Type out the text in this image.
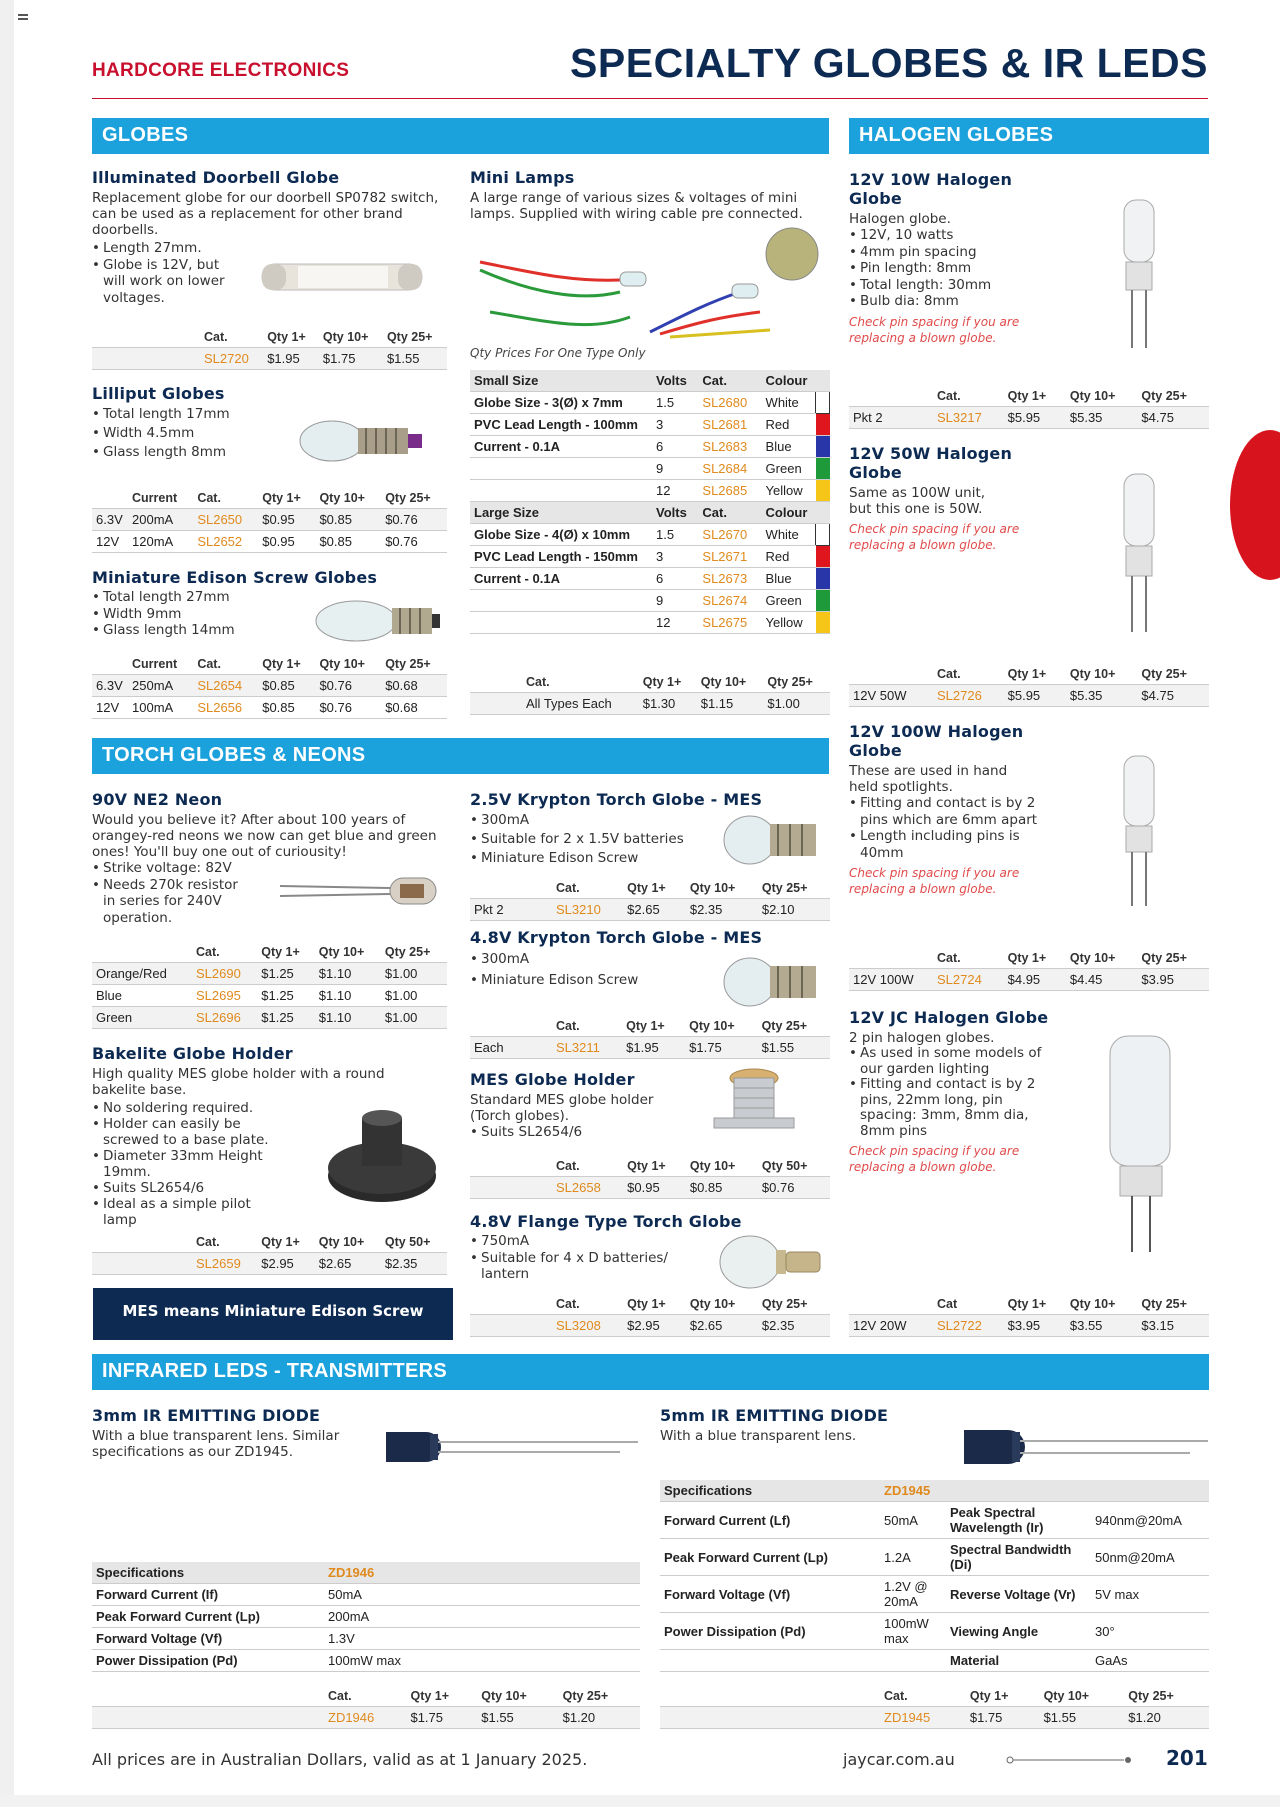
HARDCORE ELECTRONICS	SPECIALTY GLOBES & IR LEDS
GLOBES	HALOGEN GLOBES
Illuminated Doorbell Globe
Replacement globe for our doorbell SP0782 switch, can be used as a replacement for other brand doorbells.
• Length 27mm.
• Globe is 12V, but will work on lower voltages.
	Cat.	Qty 1+	Qty 10+	Qty 25+
	SL2720	$1.95	$1.75	$1.55
Lilliput Globes
• Total length 17mm
• Width 4.5mm
• Glass length 8mm
	Current	Cat.	Qty 1+	Qty 10+	Qty 25+
6.3V	200mA	SL2650	$0.95	$0.85	$0.76
12V	120mA	SL2652	$0.95	$0.85	$0.76
Miniature Edison Screw Globes
• Total length 27mm
• Width 9mm
• Glass length 14mm
	Current	Cat.	Qty 1+	Qty 10+	Qty 25+
6.3V	250mA	SL2654	$0.85	$0.76	$0.68
12V	100mA	SL2656	$0.85	$0.76	$0.68
Mini Lamps
A large range of various sizes & voltages of mini lamps. Supplied with wiring cable pre connected.
Qty Prices For One Type Only
Small Size	Volts	Cat.	Colour	
Globe Size - 3(Ø) x 7mm	1.5	SL2680	White	
PVC Lead Length - 100mm	3	SL2681	Red	
Current - 0.1A	6	SL2683	Blue	
	9	SL2684	Green	
	12	SL2685	Yellow	
Large Size	Volts	Cat.	Colour	
Globe Size - 4(Ø) x 10mm	1.5	SL2670	White	
PVC Lead Length - 150mm	3	SL2671	Red	
Current - 0.1A	6	SL2673	Blue	
	9	SL2674	Green	
	12	SL2675	Yellow	
	Cat.	Qty 1+	Qty 10+	Qty 25+
	All Types Each	$1.30	$1.15	$1.00
12V 10W Halogen Globe
Halogen globe.
• 12V, 10 watts
• 4mm pin spacing
• Pin length: 8mm
• Total length: 30mm
• Bulb dia: 8mm
Check pin spacing if you are replacing a blown globe.
	Cat.	Qty 1+	Qty 10+	Qty 25+
Pkt 2	SL3217	$5.95	$5.35	$4.75
12V 50W Halogen Globe
Same as 100W unit, but this one is 50W.
Check pin spacing if you are replacing a blown globe.
	Cat.	Qty 1+	Qty 10+	Qty 25+
12V 50W	SL2726	$5.95	$5.35	$4.75
12V 100W Halogen Globe
These are used in hand held spotlights.
• Fitting and contact is by 2 pins which are 6mm apart
• Length including pins is 40mm
Check pin spacing if you are replacing a blown globe.
	Cat.	Qty 1+	Qty 10+	Qty 25+
12V 100W	SL2724	$4.95	$4.45	$3.95
12V JC Halogen Globe
2 pin halogen globes.
• As used in some models of our garden lighting
• Fitting and contact is by 2 pins, 22mm long, pin spacing: 3mm, 8mm dia, 8mm pins
Check pin spacing if you are replacing a blown globe.
	Cat	Qty 1+	Qty 10+	Qty 25+
12V 20W	SL2722	$3.95	$3.55	$3.15
TORCH GLOBES & NEONS
90V NE2 Neon
Would you believe it? After about 100 years of orangey-red neons we now can get blue and green ones! You'll buy one out of curiousity!
• Strike voltage: 82V
• Needs 270k resistor in series for 240V operation.
	Cat.	Qty 1+	Qty 10+	Qty 25+
Orange/Red	SL2690	$1.25	$1.10	$1.00
Blue	SL2695	$1.25	$1.10	$1.00
Green	SL2696	$1.25	$1.10	$1.00
Bakelite Globe Holder
High quality MES globe holder with a round bakelite base.
• No soldering required.
• Holder can easily be screwed to a base plate.
• Diameter 33mm Height 19mm.
• Suits SL2654/6
• Ideal as a simple pilot lamp
	Cat.	Qty 1+	Qty 10+	Qty 50+
	SL2659	$2.95	$2.65	$2.35
MES means Miniature Edison Screw
2.5V Krypton Torch Globe - MES
• 300mA
• Suitable for 2 x 1.5V batteries
• Miniature Edison Screw
	Cat.	Qty 1+	Qty 10+	Qty 25+
Pkt 2	SL3210	$2.65	$2.35	$2.10
4.8V Krypton Torch Globe - MES
• 300mA
• Miniature Edison Screw
	Cat.	Qty 1+	Qty 10+	Qty 25+
Each	SL3211	$1.95	$1.75	$1.55
MES Globe Holder
Standard MES globe holder (Torch globes).
• Suits SL2654/6
	Cat.	Qty 1+	Qty 10+	Qty 50+
	SL2658	$0.95	$0.85	$0.76
4.8V Flange Type Torch Globe
• 750mA
• Suitable for 4 x D batteries/ lantern
	Cat.	Qty 1+	Qty 10+	Qty 25+
	SL3208	$2.95	$2.65	$2.35
INFRARED LEDS - TRANSMITTERS
3mm IR EMITTING DIODE
With a blue transparent lens. Similar specifications as our ZD1945.
Specifications	ZD1946
Forward Current (If)	50mA
Peak Forward Current (Lp)	200mA
Forward Voltage (Vf)	1.3V
Power Dissipation (Pd)	100mW max
	Cat.	Qty 1+	Qty 10+	Qty 25+
	ZD1946	$1.75	$1.55	$1.20
5mm IR EMITTING DIODE
With a blue transparent lens.
Specifications	ZD1945		
Forward Current (Lf)	50mA	Peak Spectral Wavelength (Ir)	940nm@20mA
Peak Forward Current (Lp)	1.2A	Spectral Bandwidth (Di)	50nm@20mA
Forward Voltage (Vf)	1.2V @ 20mA	Reverse Voltage (Vr)	5V max
Power Dissipation (Pd)	100mW max	Viewing Angle	30°
		Material	GaAs
	Cat.	Qty 1+	Qty 10+	Qty 25+
	ZD1945	$1.75	$1.55	$1.20
All prices are in Australian Dollars, valid as at 1 January 2025.	jaycar.com.au	201
